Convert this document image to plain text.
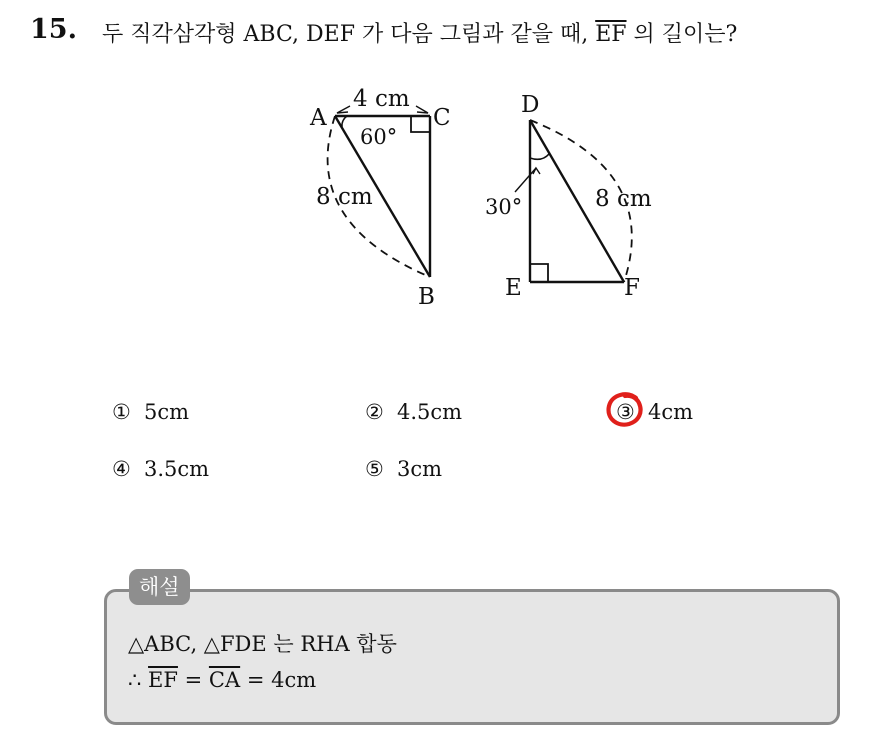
15. 두 직각삼각형 ABC, DEF 가 다음 그림과 같을 때, $\overline{EF}$ 의 길이는?
A	C
B
4 cm
60°
8 cm
D
E	F
30°	8 cm
① 5cm	② 4.5cm	③ 4cm
④ 3.5cm	⑤ 3cm
해설
△ABC, △FDE 는 RHA 합동
∴ $\overline{EF} = \overline{CA} = 4cm$
